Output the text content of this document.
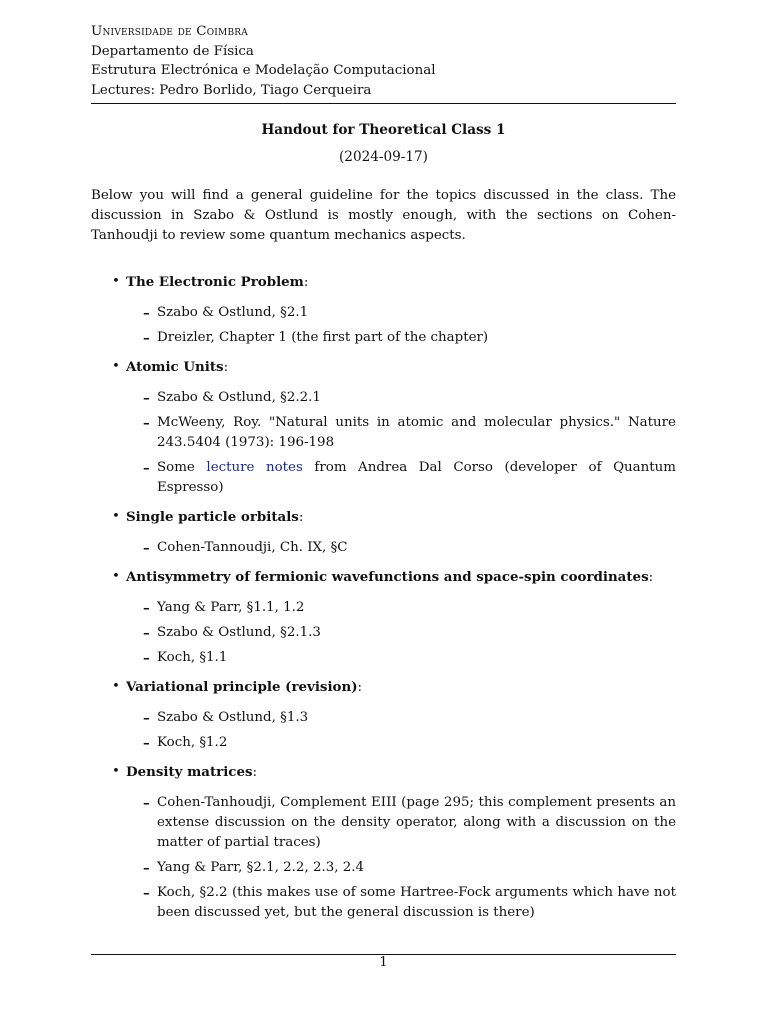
Universidade de Coimbra
Departamento de Física
Estrutura Electrónica e Modelação Computacional
Lectures: Pedro Borlido, Tiago Cerqueira
Handout for Theoretical Class 1
(2024-09-17)

Below you will find a general guideline for the topics discussed in the class. The discussion in Szabo & Ostlund is mostly enough, with the sections on Cohen-Tanhoudji to review some quantum mechanics aspects.

• The Electronic Problem:
– Szabo & Ostlund, §2.1
– Dreizler, Chapter 1 (the first part of the chapter)
• Atomic Units:
– Szabo & Ostlund, §2.2.1
– McWeeny, Roy. "Natural units in atomic and molecular physics." Nature 243.5404 (1973): 196-198
– Some lecture notes from Andrea Dal Corso (developer of Quantum Espresso)
• Single particle orbitals:
– Cohen-Tannoudji, Ch. IX, §C
• Antisymmetry of fermionic wavefunctions and space-spin coordinates:
– Yang & Parr, §1.1, 1.2
– Szabo & Ostlund, §2.1.3
– Koch, §1.1
• Variational principle (revision):
– Szabo & Ostlund, §1.3
– Koch, §1.2
• Density matrices:
– Cohen-Tanhoudji, Complement EIII (page 295; this complement presents an extense discussion on the density operator, along with a discussion on the matter of partial traces)
– Yang & Parr, §2.1, 2.2, 2.3, 2.4
– Koch, §2.2 (this makes use of some Hartree-Fock arguments which have not been discussed yet, but the general discussion is there)
1
